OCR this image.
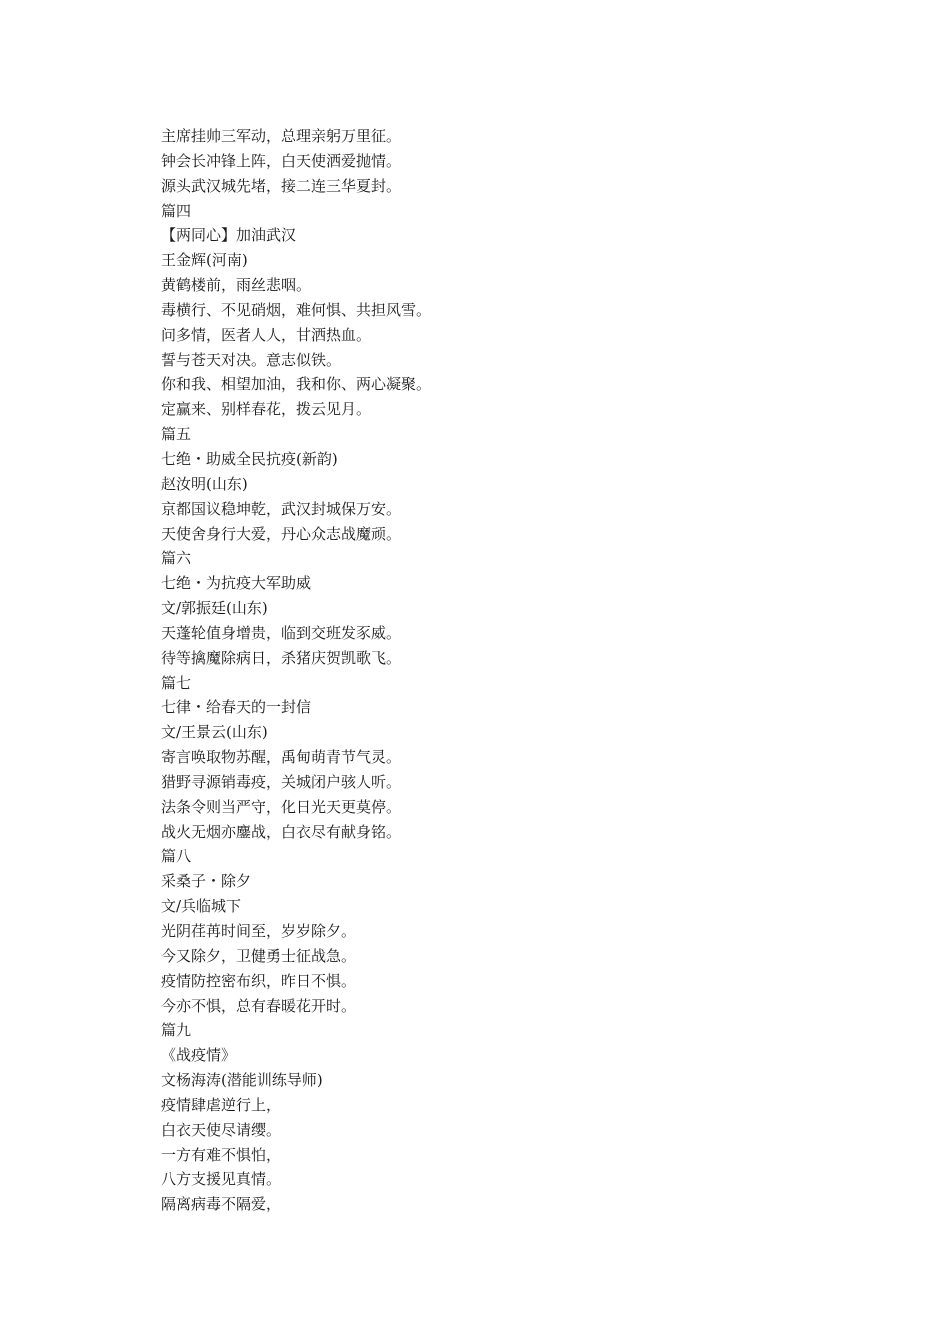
主席挂帅三军动，总理亲躬万里征。
钟会长冲锋上阵，白天使洒爱抛情。
源头武汉城先堵，接二连三华夏封。
篇四
【两同心】加油武汉
王金辉(河南)
黄鹤楼前，雨丝悲咽。
毒横行、不见硝烟，难何惧、共担风雪。
问多情，医者人人，甘洒热血。
誓与苍天对决。意志似铁。
你和我、相望加油，我和你、两心凝聚。
定赢来、别样春花，拨云见月。
篇五
七绝・助威全民抗疫(新韵)
赵汝明(山东)
京都国议稳坤乾，武汉封城保万安。
天使舍身行大爱，丹心众志战魔顽。
篇六
七绝・为抗疫大军助威
文/郭振廷(山东)
天蓬轮值身增贵，临到交班发豕威。
待等擒魔除病日，杀猪庆贺凯歌飞。
篇七
七律・给春天的一封信
文/王景云(山东)
寄言唤取物苏醒，禹甸萌青节气灵。
猎野寻源销毒疫，关城闭户骇人听。
法条令则当严守，化日光天更莫停。
战火无烟亦鏖战，白衣尽有献身铭。
篇八
采桑子・除夕
文/兵临城下
光阴荏苒时间至，岁岁除夕。
今又除夕，卫健勇士征战急。
疫情防控密布织，昨日不惧。
今亦不惧，总有春暖花开时。
篇九
《战疫情》
文杨海涛(潜能训练导师)
疫情肆虐逆行上，
白衣天使尽请缨。
一方有难不惧怕，
八方支援见真情。
隔离病毒不隔爱，
